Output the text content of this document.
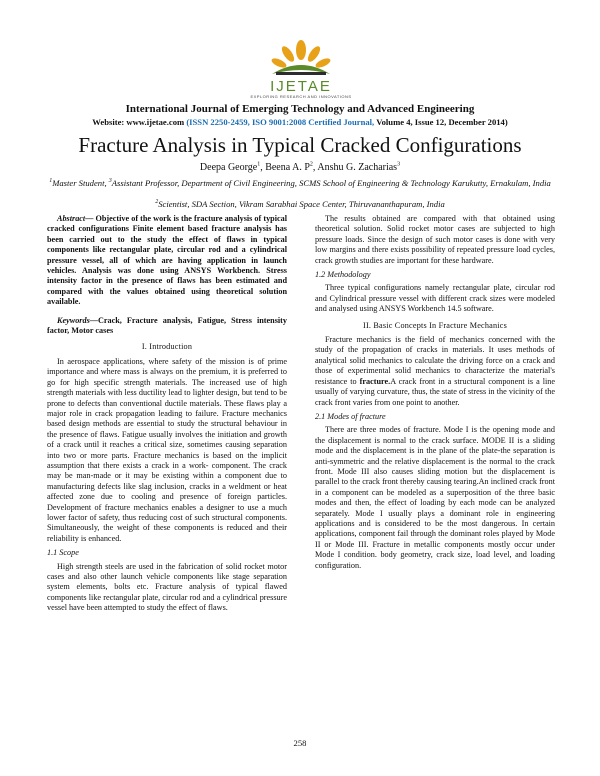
IJETAE
EXPLORING RESEARCH AND INNOVATIONS
International Journal of Emerging Technology and Advanced Engineering
Website: www.ijetae.com (ISSN 2250-2459, ISO 9001:2008 Certified Journal, Volume 4, Issue 12, December 2014)
Fracture Analysis in Typical Cracked Configurations
Deepa George$^1$, Beena A. $P^2$, Anshu G. Zacharias$^3$
$^1$Master Student, $^3$Assistant Professor, Department of Civil Engineering, SCMS School of Engineering & Technology Karukutty, Ernakulam, India
$^2$Scientist, SDA Section, Vikram Sarabhai Space Center, Thiruvananthapuram, India

Abstract— Objective of the work is the fracture analysis of typical cracked configurations Finite element based fracture analysis has been carried out to the study the effect of flaws in typical components like rectangular plate, circular rod and a cylindrical pressure vessel, all of which are having application in launch vehicles. Analysis was done using ANSYS Workbench. Stress intensity factor in the presence of flaws has been estimated and compared with the values obtained using theoretical solution available.

Keywords—Crack, Fracture analysis, Fatigue, Stress intensity factor, Motor cases

I. Introduction

In aerospace applications, where safety of the mission is of prime importance and where mass is always on the premium, it is preferred to go for high specific strength materials. The increased use of high strength materials with less ductility lead to lighter design, but tend to be prone to defects than conventional ductile materials. These flaws play a major role in crack propagation leading to failure. Fracture mechanics based design methods are essential to study the structural behaviour in the presence of flaws. Fatigue usually involves the initiation and growth of a crack until it reaches a critical size, sometimes causing separation into two or more parts. Fracture mechanics is based on the implicit assumption that there exists a crack in a work- component. The crack may be man-made or it may be existing within a component due to manufacturing defects like slag inclusion, cracks in a weldment or heat affected zone due to cooling and presence of foreign particles. Development of fracture mechanics enables a designer to use a much lower factor of safety, thus reducing cost of such structural components. Simultaneously, the weight of these components is reduced and their reliability is enhanced.

1.1 Scope

High strength steels are used in the fabrication of solid rocket motor cases and also other launch vehicle components like stage separation system elements, bolts etc. Fracture analysis of typical flawed components like rectangular plate, circular rod and a cylindrical pressure vessel have been attempted to study the effect of flaws.

The results obtained are compared with that obtained using theoretical solution. Solid rocket motor cases are subjected to high pressure loads. Since the design of such motor cases is done with very low margins and there exists possibility of repeated pressure load cycles, crack growth studies are important for these hardware.

1.2 Methodology

Three typical configurations namely rectangular plate, circular rod and Cylindrical pressure vessel with different crack sizes were modeled and analysed using ANSYS Workbench 14.5 software.

II. Basic Concepts In Fracture Mechanics

Fracture mechanics is the field of mechanics concerned with the study of the propagation of cracks in materials. It uses methods of analytical solid mechanics to calculate the driving force on a crack and those of experimental solid mechanics to characterize the material's resistance to fracture.A crack front in a structural component is a line usually of varying curvature, thus, the state of stress in the vicinity of the crack front varies from one point to another.

2.1 Modes of fracture

There are three modes of fracture. Mode I is the opening mode and the displacement is normal to the crack surface. MODE II is a sliding mode and the displacement is in the plane of the plate-the separation is anti-symmetric and the relative displacement is the normal to the crack front. Mode III also causes sliding motion but the displacement is parallel to the crack front thereby causing tearing.An inclined crack front in a component can be modeled as a superposition of the three basic modes and then, the effect of loading by each mode can be analyzed separately. Mode I usually plays a dominant role in engineering applications and is considered to be the most dangerous. In certain applications, component fail through the dominant roles played by Mode II or Mode III. Fracture in metallic components mostly occur under Mode I condition. body geometry, crack size, load level, and loading configuration.

258
